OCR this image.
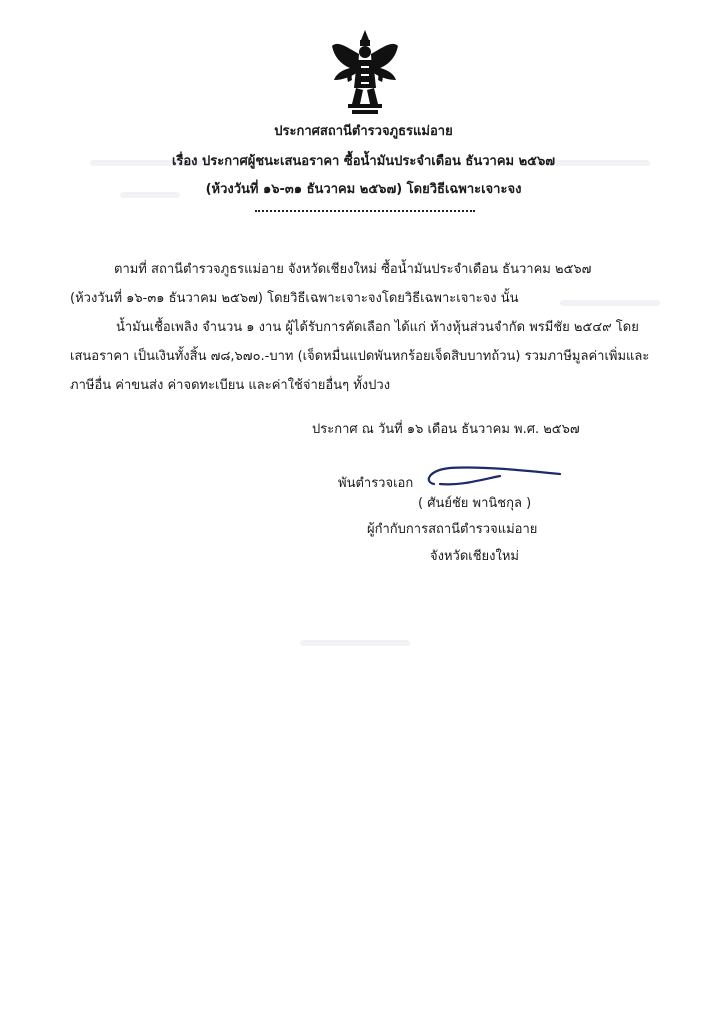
ประกาศสถานีตำรวจภูธรแม่อาย
เรื่อง ประกาศผู้ชนะเสนอราคา ซื้อน้ำมันประจำเดือน ธันวาคม ๒๕๖๗
(ห้วงวันที่ ๑๖-๓๑ ธันวาคม ๒๕๖๗) โดยวิธีเฉพาะเจาะจง
ตามที่ สถานีตำรวจภูธรแม่อาย จังหวัดเชียงใหม่ ซื้อน้ำมันประจำเดือน ธันวาคม ๒๕๖๗
(ห้วงวันที่ ๑๖-๓๑ ธันวาคม ๒๕๖๗) โดยวิธีเฉพาะเจาะจงโดยวิธีเฉพาะเจาะจง นั้น
น้ำมันเชื้อเพลิง จำนวน ๑ งาน ผู้ได้รับการคัดเลือก ได้แก่ ห้างหุ้นส่วนจำกัด พรมีชัย ๒๕๔๙ โดย
เสนอราคา เป็นเงินทั้งสิ้น ๗๘,๖๗๐.-บาท (เจ็ดหมื่นแปดพันหกร้อยเจ็ดสิบบาทถ้วน) รวมภาษีมูลค่าเพิ่มและ
ภาษีอื่น ค่าขนส่ง ค่าจดทะเบียน และค่าใช้จ่ายอื่นๆ ทั้งปวง
ประกาศ ณ วันที่ ๑๖ เดือน ธันวาคม พ.ศ. ๒๕๖๗
พันตำรวจเอก
( ศันย์ชัย พานิชกุล )
ผู้กำกับการสถานีตำรวจแม่อาย
จังหวัดเชียงใหม่
